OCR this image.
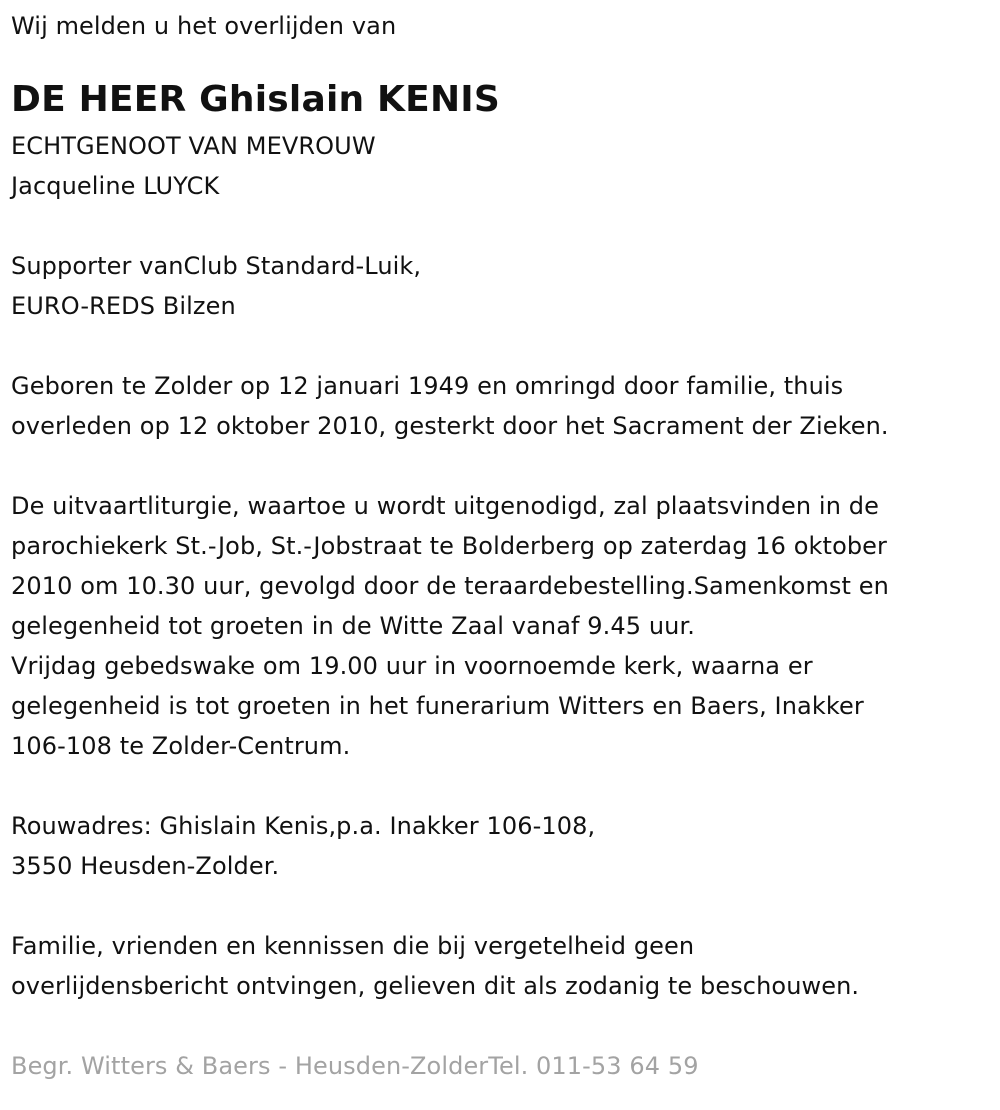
Wij melden u het overlijden van
DE HEER Ghislain KENIS
ECHTGENOOT VAN MEVROUW
Jacqueline LUYCK
Supporter vanClub Standard-Luik,
EURO-REDS Bilzen
Geboren te Zolder op 12 januari 1949 en omringd door familie, thuis
overleden op 12 oktober 2010, gesterkt door het Sacrament der Zieken.
De uitvaartliturgie, waartoe u wordt uitgenodigd, zal plaatsvinden in de
parochiekerk St.-Job, St.-Jobstraat te Bolderberg op zaterdag 16 oktober
2010 om 10.30 uur, gevolgd door de teraardebestelling.Samenkomst en
gelegenheid tot groeten in de Witte Zaal vanaf 9.45 uur.
Vrijdag gebedswake om 19.00 uur in voornoemde kerk, waarna er
gelegenheid is tot groeten in het funerarium Witters en Baers, Inakker
106-108 te Zolder-Centrum.
Rouwadres: Ghislain Kenis,p.a. Inakker 106-108,
3550 Heusden-Zolder.
Familie, vrienden en kennissen die bij vergetelheid geen
overlijdensbericht ontvingen, gelieven dit als zodanig te beschouwen.
Begr. Witters & Baers - Heusden-ZolderTel. 011-53 64 59
